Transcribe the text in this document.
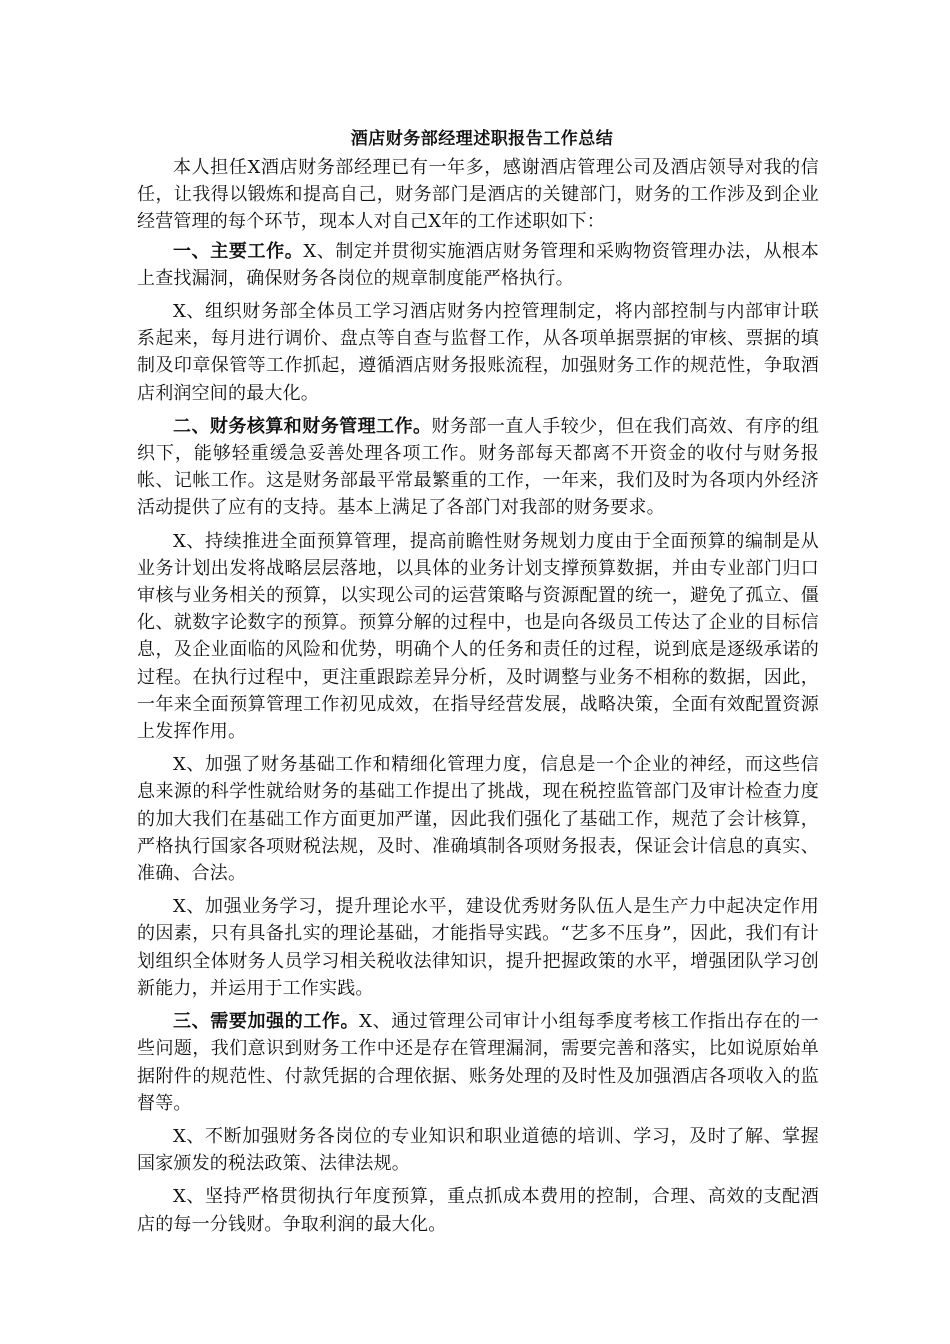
酒店财务部经理述职报告工作总结

本人担任X酒店财务部经理已有一年多，感谢酒店管理公司及酒店领导对我的信任，让我得以锻炼和提高自己，财务部门是酒店的关键部门，财务的工作涉及到企业经营管理的每个环节，现本人对自己X年的工作述职如下：

一、主要工作。X、制定并贯彻实施酒店财务管理和采购物资管理办法，从根本上查找漏洞，确保财务各岗位的规章制度能严格执行。

X、组织财务部全体员工学习酒店财务内控管理制定，将内部控制与内部审计联系起来，每月进行调价、盘点等自查与监督工作，从各项单据票据的审核、票据的填制及印章保管等工作抓起，遵循酒店财务报账流程，加强财务工作的规范性，争取酒店利润空间的最大化。

二、财务核算和财务管理工作。财务部一直人手较少，但在我们高效、有序的组织下，能够轻重缓急妥善处理各项工作。财务部每天都离不开资金的收付与财务报帐、记帐工作。这是财务部最平常最繁重的工作，一年来，我们及时为各项内外经济活动提供了应有的支持。基本上满足了各部门对我部的财务要求。

X、持续推进全面预算管理，提高前瞻性财务规划力度由于全面预算的编制是从业务计划出发将战略层层落地，以具体的业务计划支撑预算数据，并由专业部门归口审核与业务相关的预算，以实现公司的运营策略与资源配置的统一，避免了孤立、僵化、就数字论数字的预算。预算分解的过程中，也是向各级员工传达了企业的目标信息，及企业面临的风险和优势，明确个人的任务和责任的过程，说到底是逐级承诺的过程。在执行过程中，更注重跟踪差异分析，及时调整与业务不相称的数据，因此，一年来全面预算管理工作初见成效，在指导经营发展，战略决策，全面有效配置资源上发挥作用。

X、加强了财务基础工作和精细化管理力度，信息是一个企业的神经，而这些信息来源的科学性就给财务的基础工作提出了挑战，现在税控监管部门及审计检查力度的加大我们在基础工作方面更加严谨，因此我们强化了基础工作，规范了会计核算，严格执行国家各项财税法规，及时、准确填制各项财务报表，保证会计信息的真实、准确、合法。

X、加强业务学习，提升理论水平，建设优秀财务队伍人是生产力中起决定作用的因素，只有具备扎实的理论基础，才能指导实践。“艺多不压身”，因此，我们有计划组织全体财务人员学习相关税收法律知识，提升把握政策的水平，增强团队学习创新能力，并运用于工作实践。

三、需要加强的工作。X、通过管理公司审计小组每季度考核工作指出存在的一些问题，我们意识到财务工作中还是存在管理漏洞，需要完善和落实，比如说原始单据附件的规范性、付款凭据的合理依据、账务处理的及时性及加强酒店各项收入的监督等。

X、不断加强财务各岗位的专业知识和职业道德的培训、学习，及时了解、掌握国家颁发的税法政策、法律法规。

X、坚持严格贯彻执行年度预算，重点抓成本费用的控制，合理、高效的支配酒店的每一分钱财。争取利润的最大化。
